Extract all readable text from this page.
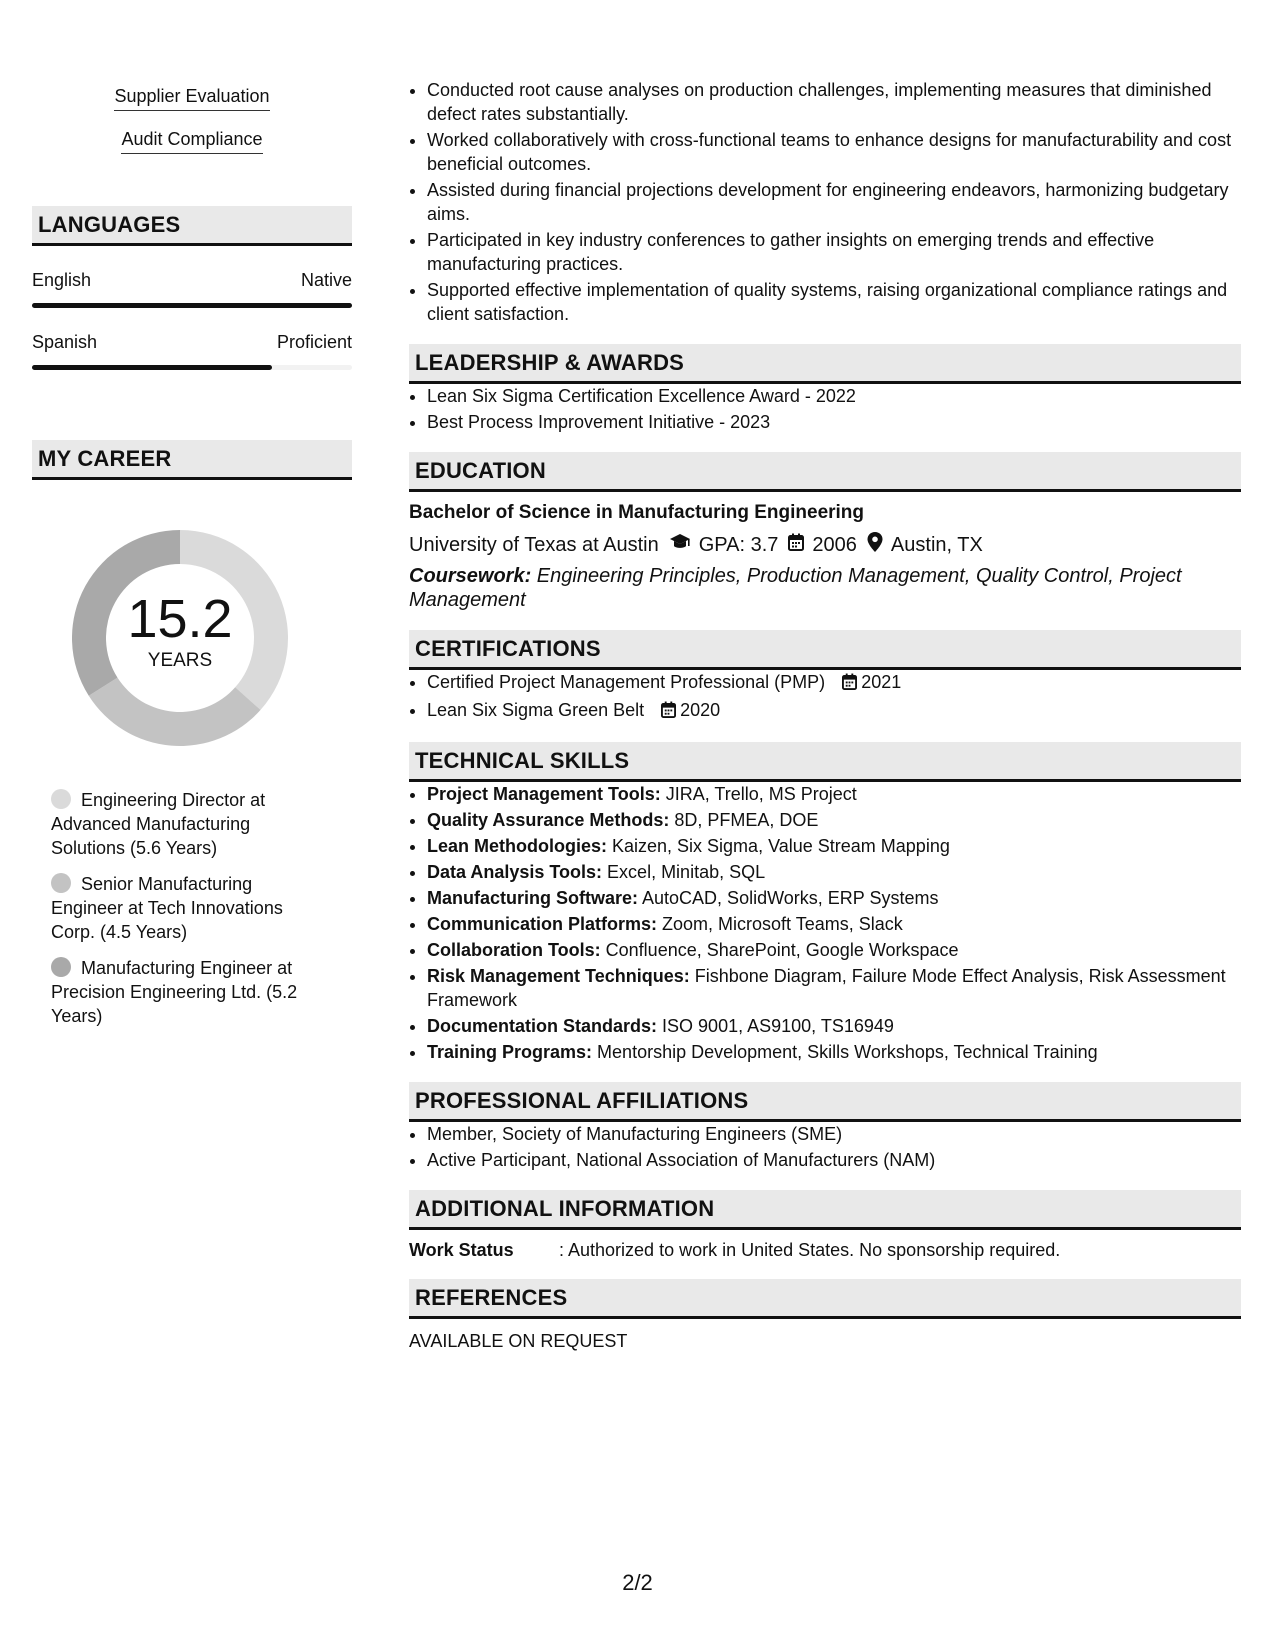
Supplier Evaluation
Audit Compliance
LANGUAGES
English	Native
Spanish	Proficient
MY CAREER
15.2
YEARS
Engineering Director at Advanced Manufacturing Solutions (5.6 Years)
Senior Manufacturing Engineer at Tech Innovations Corp. (4.5 Years)
Manufacturing Engineer at Precision Engineering Ltd. (5.2 Years)
• Conducted root cause analyses on production challenges, implementing measures that diminished defect rates substantially.
• Worked collaboratively with cross-functional teams to enhance designs for manufacturability and cost beneficial outcomes.
• Assisted during financial projections development for engineering endeavors, harmonizing budgetary aims.
• Participated in key industry conferences to gather insights on emerging trends and effective manufacturing practices.
• Supported effective implementation of quality systems, raising organizational compliance ratings and client satisfaction.
LEADERSHIP & AWARDS
• Lean Six Sigma Certification Excellence Award - 2022
• Best Process Improvement Initiative - 2023
EDUCATION
Bachelor of Science in Manufacturing Engineering
University of Texas at Austin GPA: 3.7 2006 Austin, TX
Coursework: Engineering Principles, Production Management, Quality Control, Project Management
CERTIFICATIONS
• Certified Project Management Professional (PMP) 2021
• Lean Six Sigma Green Belt 2020
TECHNICAL SKILLS
• Project Management Tools: JIRA, Trello, MS Project
• Quality Assurance Methods: 8D, PFMEA, DOE
• Lean Methodologies: Kaizen, Six Sigma, Value Stream Mapping
• Data Analysis Tools: Excel, Minitab, SQL
• Manufacturing Software: AutoCAD, SolidWorks, ERP Systems
• Communication Platforms: Zoom, Microsoft Teams, Slack
• Collaboration Tools: Confluence, SharePoint, Google Workspace
• Risk Management Techniques: Fishbone Diagram, Failure Mode Effect Analysis, Risk Assessment Framework
• Documentation Standards: ISO 9001, AS9100, TS16949
• Training Programs: Mentorship Development, Skills Workshops, Technical Training
PROFESSIONAL AFFILIATIONS
• Member, Society of Manufacturing Engineers (SME)
• Active Participant, National Association of Manufacturers (NAM)
ADDITIONAL INFORMATION
Work Status	: Authorized to work in United States. No sponsorship required.
REFERENCES
AVAILABLE ON REQUEST
2/2
